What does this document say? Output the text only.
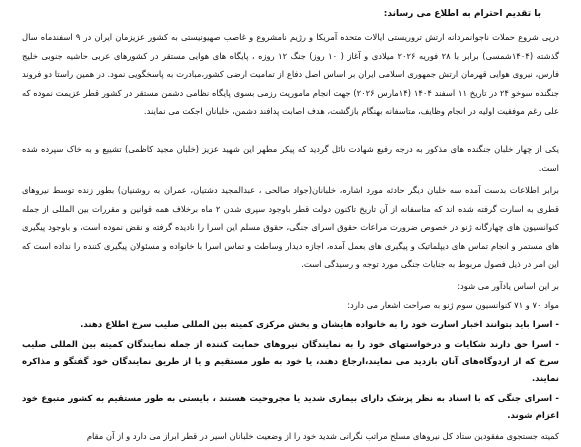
با تقدیم احترام به اطلاع می رساند:

درپی شروع حملات ناجوانمردانه ارتش تروریستی ایالات متحده آمریکا و رژیم نامشروع و غاصب صهیونیستی به کشور عزیزمان ایران در ۹ اسفندماه سال گذشته (۱۴۰۴شمسی) برابر با ۲۸ فوریه ۲۰۲۶ میلادی و آغاز ( ۱۰ روز) جنگ ۱۲ روزه ، پایگاه های هوایی مستقر در کشورهای عربی حاشیه جنوبی خلیج فارس، نیروی هوایی قهرمان ارتش جمهوری اسلامی ایران بر اساس اصل دفاع از تمامیت ارضی کشور،مبادرت به پاسخگویی نمود. در همین راستا دو فروند جنگنده سوخو ۲۴ در تاریخ ۱۱ اسفند ۱۴۰۴ (۱۴مارس ۲۰۲۶) جهت انجام ماموریت رزمی بسوی پایگاه نظامی دشمن مستقر در کشور قطر عزیمت نموده که علی رغم موفقیت اولیه در انجام وظایف، متاسفانه بهنگام بازگشت، هدف اصابت پدافند دشمن، خلبانان اجکت می نمایند.

یکی از چهار خلبان جنگنده های مذکور به درجه رفیع شهادت نائل گردید که پیکر مطهر این شهید عزیز (خلبان مجید کاظمی) تشییع و به خاک سپرده شده است.

برابر اطلاعات بدست آمده سه خلبان دیگر حادثه مورد اشاره، خلبانان(جواد صالحی ، عبدالمجید دشتیان، عمران به روشنیان) بطور زنده توسط نیروهای قطری به اسارت گرفته شده اند که متاسفانه از آن تاریخ تاکنون دولت قطر باوجود سپری شدن ۲ ماه برخلاف همه قوانین و مقررات بین المللی از جمله کنوانسیون های چهارگانه ژنو در خصوص ضرورت مراعات حقوق اسرای جنگی، حقوق مسلم این اسرا را نادیده گرفته و نقض نموده است، و باوجود پیگیری های مستمر و انجام تماس های دیپلماتیک و پیگیری های بعمل آمده، اجازه دیدار وساطت و تماس اسرا با خانواده و مسئولان پیگیری کننده را نداده است که این امر در ذیل فصول مربوط به جنایات جنگی مورد توجه و رسیدگی است.

بر این اساس یادآور می شود:

مواد ۷۰ و ۷۱ کنوانسیون سوم ژنو به صراحت اشعار می دارد:

- اسرا باید بتوانند اخبار اسارت خود را به خانواده هایشان و بخش مرکزی کمیته بین المللی صلیب سرخ اطلاع دهند.
- اسرا حق دارند شکایات و درخواستهای خود را به نمایندگان نیروهای حمایت کننده از جمله نمایندگان کمیته بین المللی صلیب سرخ که از اردوگاه‌های آنان بازدید می نمایند،ارجاع دهند، یا خود به طور مستقیم و یا از طریق نمایندگان خود گفتگو و مذاکره نمایند.
- اسرای جنگی که با اسناد به نظر پزشک دارای بیماری شدید یا مجروحیت هستند ، بایستی به طور مستقیم به کشور متبوع خود اعزام شوند.
کمیته جستجوی مفقودین ستاد کل نیروهای مسلح مراتب نگرانی شدید خود را از وضعیت خلبانان اسیر در قطر ابراز می دارد و از آن مقام
